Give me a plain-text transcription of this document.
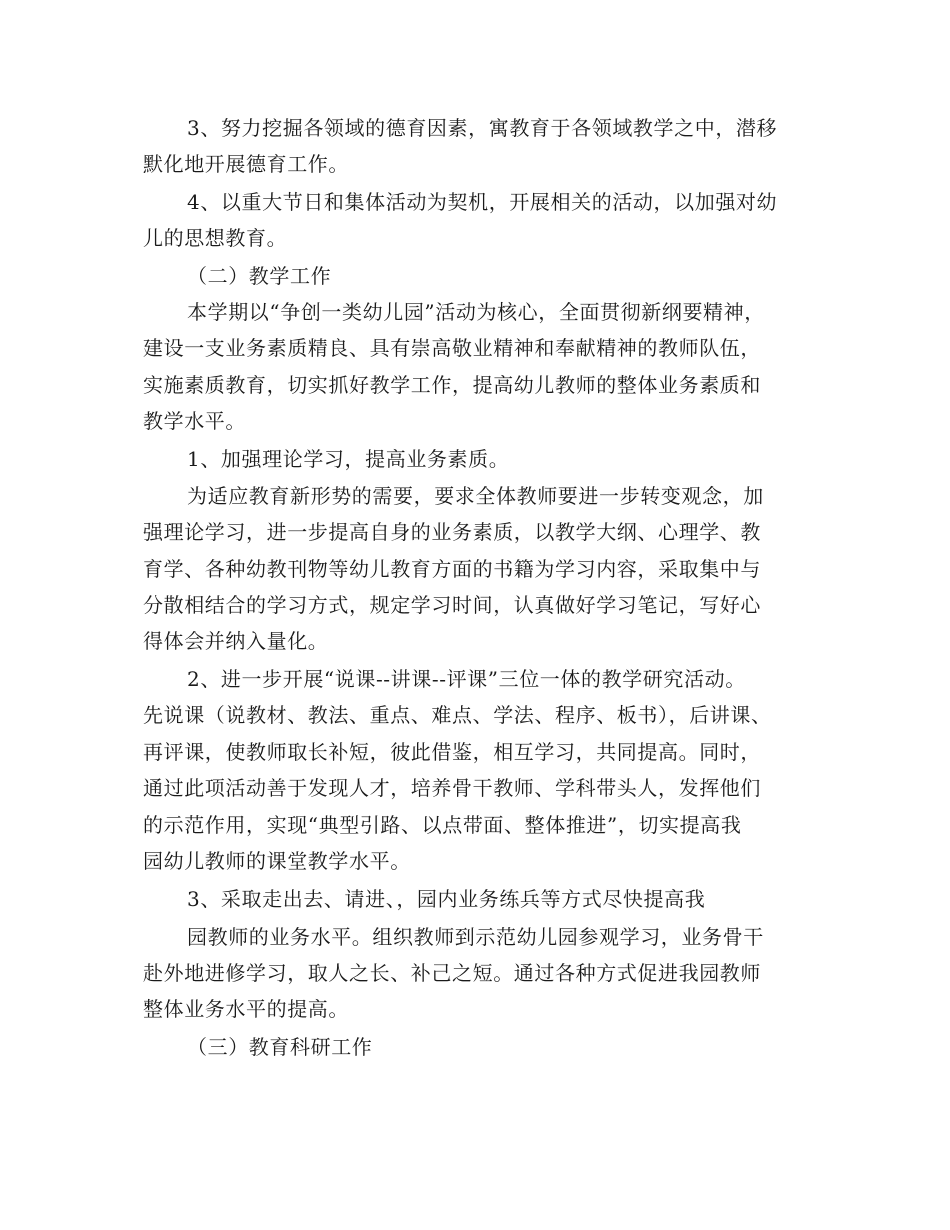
3、努力挖掘各领域的德育因素，寓教育于各领域教学之中，潜移
默化地开展德育工作。
4、以重大节日和集体活动为契机，开展相关的活动，以加强对幼
儿的思想教育。
（二）教学工作
本学期以“争创一类幼儿园”活动为核心，全面贯彻新纲要精神，
建设一支业务素质精良、具有崇高敬业精神和奉献精神的教师队伍，
实施素质教育，切实抓好教学工作，提高幼儿教师的整体业务素质和
教学水平。
1、加强理论学习，提高业务素质。
为适应教育新形势的需要，要求全体教师要进一步转变观念，加
强理论学习，进一步提高自身的业务素质，以教学大纲、心理学、教
育学、各种幼教刊物等幼儿教育方面的书籍为学习内容，采取集中与
分散相结合的学习方式，规定学习时间，认真做好学习笔记，写好心
得体会并纳入量化。
2、进一步开展“说课--讲课--评课”三位一体的教学研究活动。
先说课（说教材、教法、重点、难点、学法、程序、板书），后讲课、
再评课，使教师取长补短，彼此借鉴，相互学习，共同提高。同时，
通过此项活动善于发现人才，培养骨干教师、学科带头人，发挥他们
的示范作用，实现“典型引路、以点带面、整体推进”，切实提高我
园幼儿教师的课堂教学水平。
3、采取走出去、请进、，园内业务练兵等方式尽快提高我
园教师的业务水平。组织教师到示范幼儿园参观学习，业务骨干
赴外地进修学习，取人之长、补己之短。通过各种方式促进我园教师
整体业务水平的提高。
（三）教育科研工作
